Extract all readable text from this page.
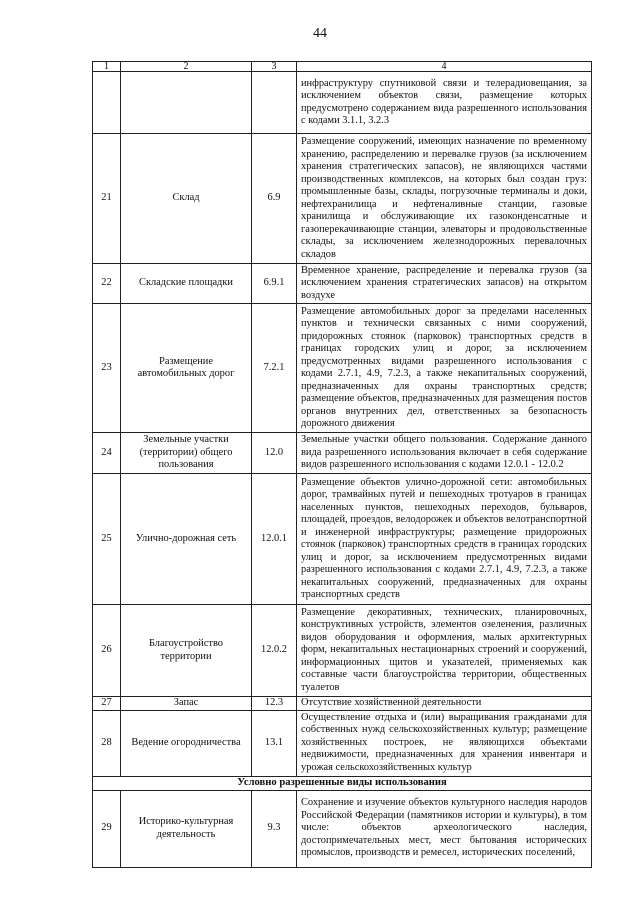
44
1	2	3	4
			инфраструктуру спутниковой связи и телерадиовещания, за исключением объектов связи, размещение которых предусмотрено содержанием вида разрешенного использования с кодами 3.1.1, 3.2.3
21	Склад	6.9	Размещение сооружений, имеющих назначение по временному хранению, распределению и перевалке грузов (за исключением хранения стратегических запасов), не являющихся частями производственных комплексов, на которых был создан груз: промышленные базы, склады, погрузочные терминалы и доки, нефтехранилища и нефтеналивные станции, газовые хранилища и обслуживающие их газоконденсатные и газоперекачивающие станции, элеваторы и продовольственные склады, за исключением железнодорожных перевалочных складов
22	Складские площадки	6.9.1	Временное хранение, распределение и перевалка грузов (за исключением хранения стратегических запасов) на открытом воздухе
23	Размещение автомобильных дорог	7.2.1	Размещение автомобильных дорог за пределами населенных пунктов и технически связанных с ними сооружений, придорожных стоянок (парковок) транспортных средств в границах городских улиц и дорог, за исключением предусмотренных видами разрешенного использования с кодами 2.7.1, 4.9, 7.2.3, а также некапитальных сооружений, предназначенных для охраны транспортных средств; размещение объектов, предназначенных для размещения постов органов внутренних дел, ответственных за безопасность дорожного движения
24	Земельные участки (территории) общего пользования	12.0	Земельные участки общего пользования. Содержание данного вида разрешенного использования включает в себя содержание видов разрешенного использования с кодами 12.0.1 - 12.0.2
25	Улично-дорожная сеть	12.0.1	Размещение объектов улично-дорожной сети: автомобильных дорог, трамвайных путей и пешеходных тротуаров в границах населенных пунктов, пешеходных переходов, бульваров, площадей, проездов, велодорожек и объектов велотранспортной и инженерной инфраструктуры; размещение придорожных стоянок (парковок) транспортных средств в границах городских улиц и дорог, за исключением предусмотренных видами разрешенного использования с кодами 2.7.1, 4.9, 7.2.3, а также некапитальных сооружений, предназначенных для охраны транспортных средств
26	Благоустройство территории	12.0.2	Размещение декоративных, технических, планировочных, конструктивных устройств, элементов озеленения, различных видов оборудования и оформления, малых архитектурных форм, некапитальных нестационарных строений и сооружений, информационных щитов и указателей, применяемых как составные части благоустройства территории, общественных туалетов
27	Запас	12.3	Отсутствие хозяйственной деятельности
28	Ведение огородничества	13.1	Осуществление отдыха и (или) выращивания гражданами для собственных нужд сельскохозяйственных культур; размещение хозяйственных построек, не являющихся объектами недвижимости, предназначенных для хранения инвентаря и урожая сельскохозяйственных культур
Условно разрешенные виды использования			
29	Историко-культурная деятельность	9.3	Сохранение и изучение объектов культурного наследия народов Российской Федерации (памятников истории и культуры), в том числе: объектов археологического наследия, достопримечательных мест, мест бытования исторических промыслов, производств и ремесел, исторических поселений,
